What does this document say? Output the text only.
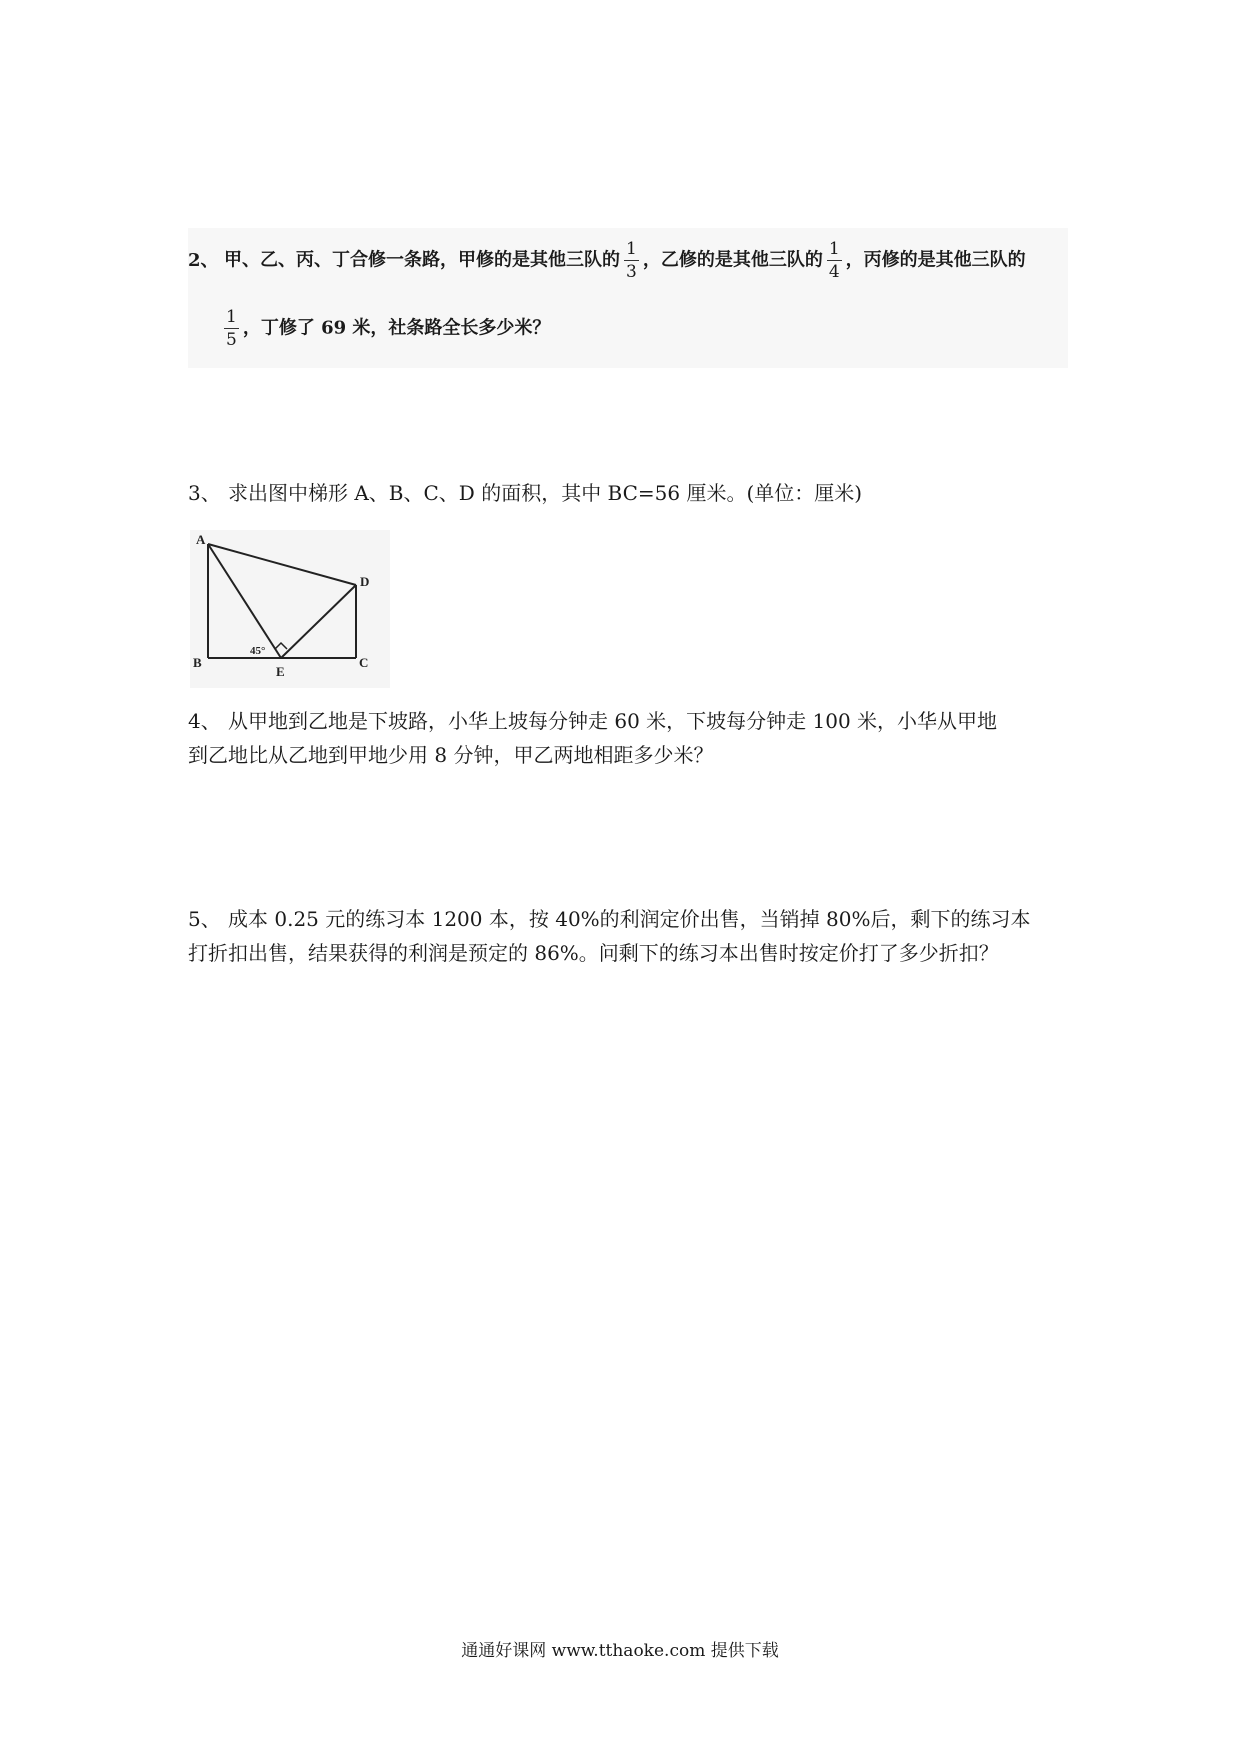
2、 甲、乙、丙、丁合修一条路，甲修的是其他三队的 $\frac{1}{3}$ ，乙修的是其他三队的 $\frac{1}{4}$ ，丙修的是其他三队的
$\frac{1}{5}$ ，丁修了 69 米，社条路全长多少米？
3、 求出图中梯形 A、B、C、D 的面积，其中 BC=56 厘米。(单位：厘米)
A
B	C
D
E
45°
4、 从甲地到乙地是下坡路，小华上坡每分钟走 60 米，下坡每分钟走 100 米，小华从甲地
到乙地比从乙地到甲地少用 8 分钟，甲乙两地相距多少米？
5、 成本 0.25 元的练习本 1200 本，按 40%的利润定价出售，当销掉 80%后，剩下的练习本
打折扣出售，结果获得的利润是预定的 86%。问剩下的练习本出售时按定价打了多少折扣？
通通好课网 www.tthaoke.com 提供下载
